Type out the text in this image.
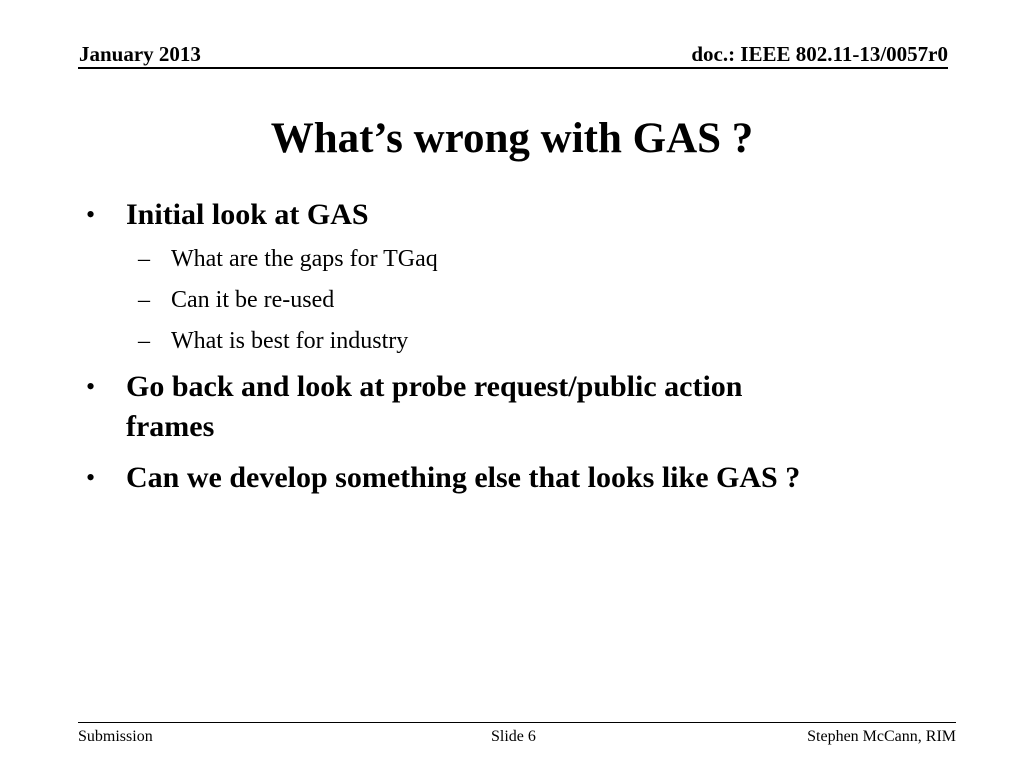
January 2013	doc.: IEEE 802.11-13/0057r0
What’s wrong with GAS ?
• Initial look at GAS
– What are the gaps for TGaq
– Can it be re-used
– What is best for industry
• Go back and look at probe request/public action
frames
• Can we develop something else that looks like GAS ?
Submission	Slide 6	Stephen McCann, RIM
